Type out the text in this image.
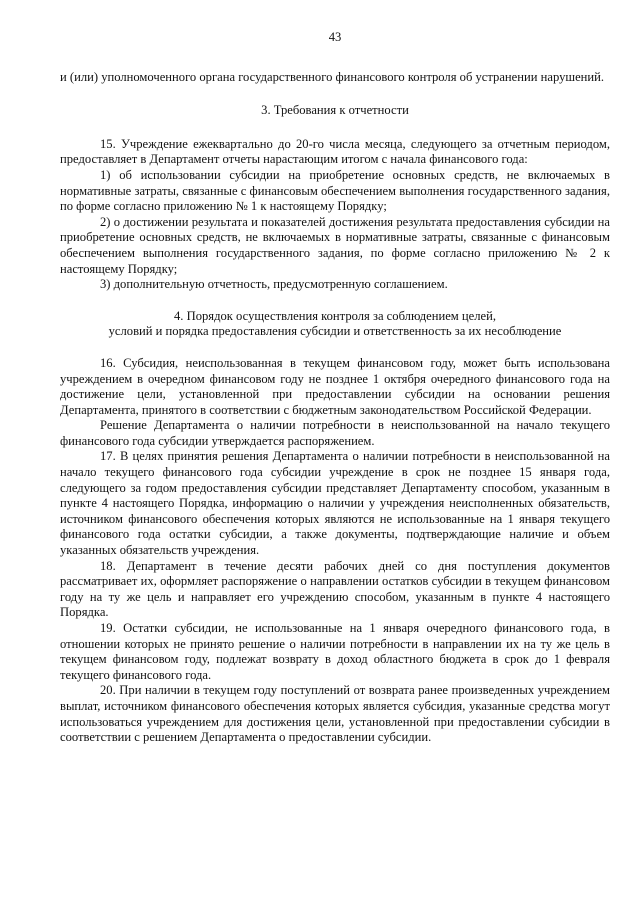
43

и (или) уполномоченного органа государственного финансового контроля об устранении нарушений.

3. Требования к отчетности

15. Учреждение ежеквартально до 20-го числа месяца, следующего за отчетным периодом, предоставляет в Департамент отчеты нарастающим итогом с начала финансового года:

1) об использовании субсидии на приобретение основных средств, не включаемых в нормативные затраты, связанные с финансовым обеспечением выполнения государственного задания, по форме согласно приложению № 1 к настоящему Порядку;

2) о достижении результата и показателей достижения результата предоставления субсидии на приобретение основных средств, не включаемых в нормативные затраты, связанные с финансовым обеспечением выполнения государственного задания, по форме согласно приложению № 2 к настоящему Порядку;

3) дополнительную отчетность, предусмотренную соглашением.

4. Порядок осуществления контроля за соблюдением целей,

условий и порядка предоставления субсидии и ответственность за их несоблюдение

16. Субсидия, неиспользованная в текущем финансовом году, может быть использована учреждением в очередном финансовом году не позднее 1 октября очередного финансового года на достижение цели, установленной при предоставлении субсидии на основании решения Департамента, принятого в соответствии с бюджетным законодательством Российской Федерации.

Решение Департамента о наличии потребности в неиспользованной на начало текущего финансового года субсидии утверждается распоряжением.

17. В целях принятия решения Департамента о наличии потребности в неиспользованной на начало текущего финансового года субсидии учреждение в срок не позднее 15 января года, следующего за годом предоставления субсидии представляет Департаменту способом, указанным в пункте 4 настоящего Порядка, информацию о наличии у учреждения неисполненных обязательств, источником финансового обеспечения которых являются не использованные на 1 января текущего финансового года остатки субсидии, а также документы, подтверждающие наличие и объем указанных обязательств учреждения.

18. Департамент в течение десяти рабочих дней со дня поступления документов рассматривает их, оформляет распоряжение о направлении остатков субсидии в текущем финансовом году на ту же цель и направляет его учреждению способом, указанным в пункте 4 настоящего Порядка.

19. Остатки субсидии, не использованные на 1 января очередного финансового года, в отношении которых не принято решение о наличии потребности в направлении их на ту же цель в текущем финансовом году, подлежат возврату в доход областного бюджета в срок до 1 февраля текущего финансового года.

20. При наличии в текущем году поступлений от возврата ранее произведенных учреждением выплат, источником финансового обеспечения которых является субсидия, указанные средства могут использоваться учреждением для достижения цели, установленной при предоставлении субсидии в соответствии с решением Департамента о предоставлении субсидии.
